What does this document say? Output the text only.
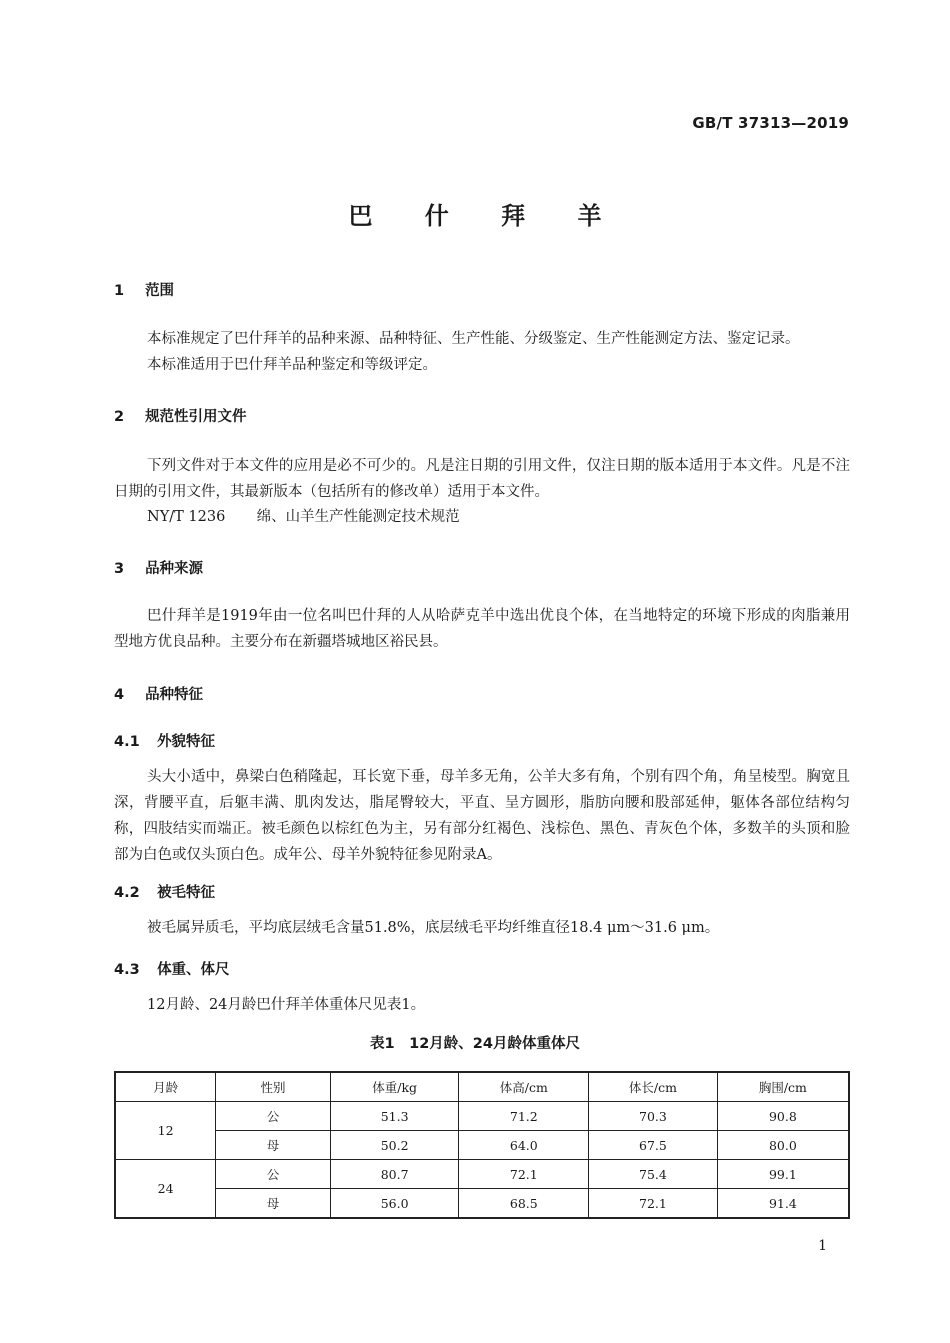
GB/T 37313—2019
巴 什 拜 羊
1 范围
本标准规定了巴什拜羊的品种来源、品种特征、生产性能、分级鉴定、生产性能测定方法、鉴定记录。
本标准适用于巴什拜羊品种鉴定和等级评定。
2 规范性引用文件
下列文件对于本文件的应用是必不可少的。凡是注日期的引用文件，仅注日期的版本适用于本文件。凡是不注日期的引用文件，其最新版本（包括所有的修改单）适用于本文件。
NY/T 1236 绵、山羊生产性能测定技术规范
3 品种来源
巴什拜羊是1919年由一位名叫巴什拜的人从哈萨克羊中选出优良个体，在当地特定的环境下形成的肉脂兼用型地方优良品种。主要分布在新疆塔城地区裕民县。
4 品种特征
4.1 外貌特征
头大小适中，鼻梁白色稍隆起，耳长宽下垂，母羊多无角，公羊大多有角，个别有四个角，角呈棱型。胸宽且深，背腰平直，后躯丰满、肌肉发达，脂尾臀较大，平直、呈方圆形，脂肪向腰和股部延伸，躯体各部位结构匀称，四肢结实而端正。被毛颜色以棕红色为主，另有部分红褐色、浅棕色、黑色、青灰色个体，多数羊的头顶和脸部为白色或仅头顶白色。成年公、母羊外貌特征参见附录A。
4.2 被毛特征
被毛属异质毛，平均底层绒毛含量51.8%，底层绒毛平均纤维直径18.4 μm～31.6 μm。
4.3 体重、体尺
12月龄、24月龄巴什拜羊体重体尺见表1。
表1　12月龄、24月龄体重体尺
月龄	性别	体重/kg	体高/cm	体长/cm	胸围/cm
12	公	51.3	71.2	70.3	90.8
	母	50.2	64.0	67.5	80.0
24	公	80.7	72.1	75.4	99.1
	母	56.0	68.5	72.1	91.4
1
